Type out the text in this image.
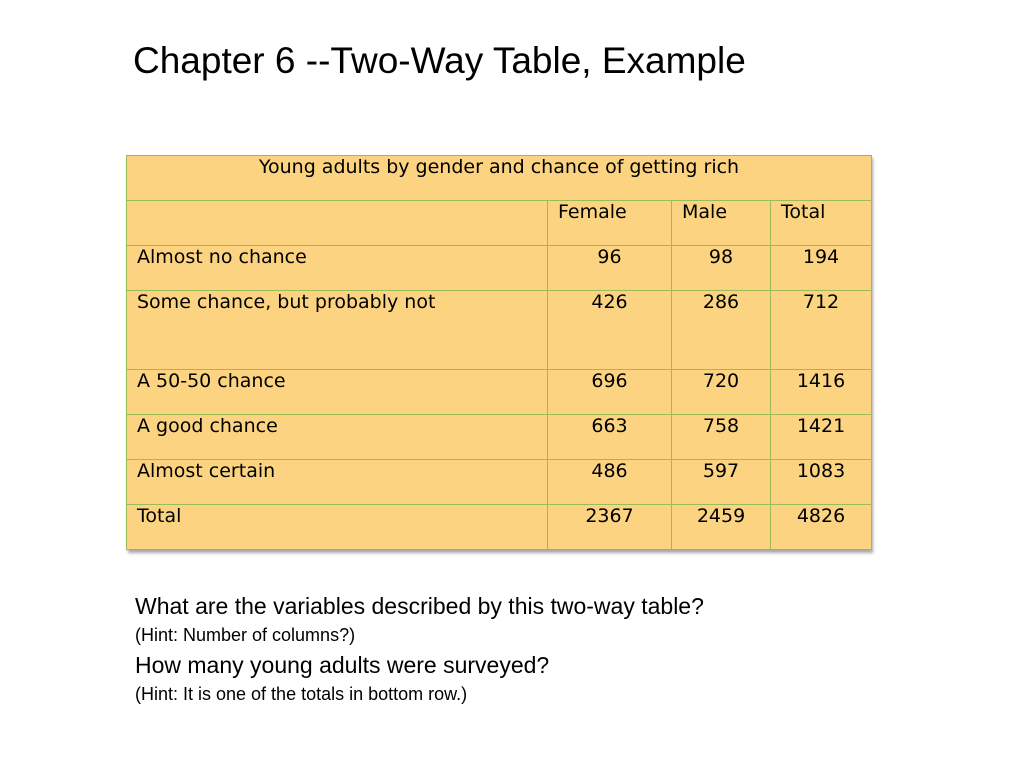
Chapter 6 --Two-Way Table, Example
Young adults by gender and chance of getting rich			
	Female	Male	Total
Almost no chance	96	98	194
Some chance, but probably not	426	286	712
A 50-50 chance	696	720	1416
A good chance	663	758	1421
Almost certain	486	597	1083
Total	2367	2459	4826
What are the variables described by this two-way table?
(Hint: Number of columns?)
How many young adults were surveyed?
(Hint: It is one of the totals in bottom row.)
